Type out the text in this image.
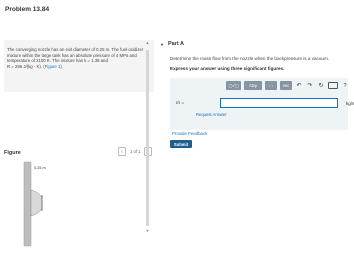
Problem 13.84
The converging nozzle has an exit diameter of 0.25 m. The fuel-oxidizer
mixture within the large tank has an absolute pressure of 4 MPa and
temperature of 2100 K. The mixture has k = 1.38 and
R = 296 J/(kg · K). (Figure 1)
Figure	‹	1 of 1
0.25 m
▲
▼
▼ Part A
Determine the mass flow from the nozzle when the backpressure is a vacuum.
Express your answer using three significant figures.
▢√▢	AΣφ	↓↑	vec	↶ ↷ ↻	?
ṁ =	kg/s
Provide Feedback
Submit
Request Answer
